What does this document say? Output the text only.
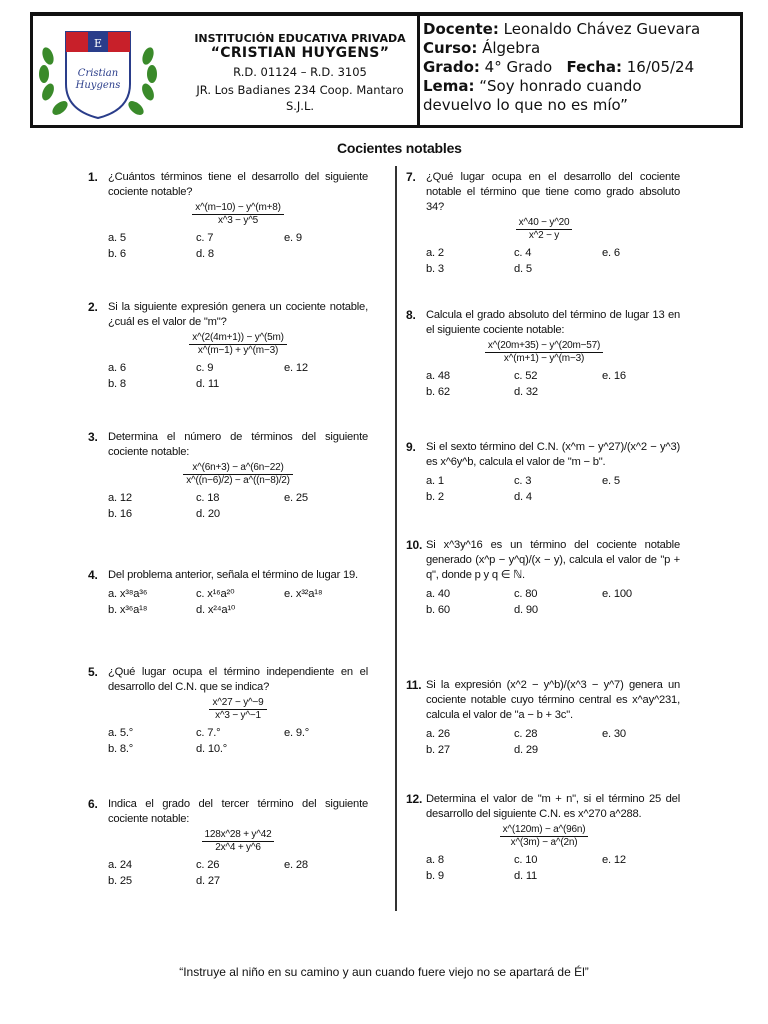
E
Cristian
Huygens
INSTITUCIÓN EDUCATIVA PRIVADA
“CRISTIAN HUYGENS”
R.D. 01124 – R.D. 3105
JR. Los Badianes 234 Coop. Mantaro
S.J.L.
Docente: Leonaldo Chávez Guevara
Curso: Álgebra
Grado: 4° Grado Fecha: 16/05/24
Lema: “Soy honrado cuando
devuelvo lo que no es mío”
Cocientes notables
1. ¿Cuántos términos tiene el desarrollo del siguiente cociente notable?
$\frac{x\^{}(m-10) - y\^{}(m+8)}{x\^{}3 - y\^{}5}$
a. 5	c. 7	e. 9
b. 6	d. 8
2. Si la siguiente expresión genera un cociente notable, ¿cuál es el valor de "m"?
$\frac{x\^{}(2(4m+1)) - y\^{}(5m)}{x\^{}(m-1) + y\^{}(m-3)}$
a. 6	c. 9	e. 12
b. 8	d. 11
3. Determina el número de términos del siguiente cociente notable:
$\frac{x\^{}(6n+3) - a\^{}(6n-22)}{x\^{}((n-6)/2) - a\^{}((n-8)/2)}$
a. 12	c. 18	e. 25
b. 16	d. 20
4. Del problema anterior, señala el término de lugar 19.
a. x³⁸a³⁶	c. x¹⁶a²⁰	e. x³²a¹⁸
b. x³⁶a¹⁸	d. x²⁴a¹⁰
5. ¿Qué lugar ocupa el término independiente en el desarrollo del C.N. que se indica?
$\frac{x\^{}27 - y\^{}-9}{x\^{}3 - y\^{}-1}$
a. 5.°	c. 7.°	e. 9.°
b. 8.°	d. 10.°
6. Indica el grado del tercer término del siguiente cociente notable:
$\frac{128x\^{}28 + y\^{}42}{2x\^{}4 + y\^{}6}$
a. 24	c. 26	e. 28
b. 25	d. 27
7. ¿Qué lugar ocupa en el desarrollo del cociente notable el término que tiene como grado absoluto 34?
$\frac{x\^{}40 - y\^{}20}{x\^{}2 - y}$
a. 2	c. 4	e. 6
b. 3	d. 5
8. Calcula el grado absoluto del término de lugar 13 en el siguiente cociente notable:
$\frac{x\^{}(20m+35) - y\^{}(20m-57)}{x\^{}(m+1) - y\^{}(m-3)}$
a. 48	c. 52	e. 16
b. 62	d. 32
9. Si el sexto término del C.N. (x^m − y^27)/(x^2 − y^3) es x^6y^b, calcula el valor de "m − b".
a. 1	c. 3	e. 5
b. 2	d. 4
10. Si x^3y^16 es un término del cociente notable generado (x^p − y^q)/(x − y), calcula el valor de "p + q", donde p y q ∈ ℕ.
a. 40	c. 80	e. 100
b. 60	d. 90
11. Si la expresión (x^2 − y^b)/(x^3 − y^7) genera un cociente notable cuyo término central es x^ay^231, calcula el valor de "a − b + 3c".
a. 26	c. 28	e. 30
b. 27	d. 29
12. Determina el valor de "m + n", si el término 25 del desarrollo del siguiente C.N. es x^270 a^288.
$\frac{x\^{}(120m) - a\^{}(96n)}{x\^{}(3m) - a\^{}(2n)}$
a. 8	c. 10	e. 12
b. 9	d. 11
“Instruye al niño en su camino y aun cuando fuere viejo no se apartará de Él”
